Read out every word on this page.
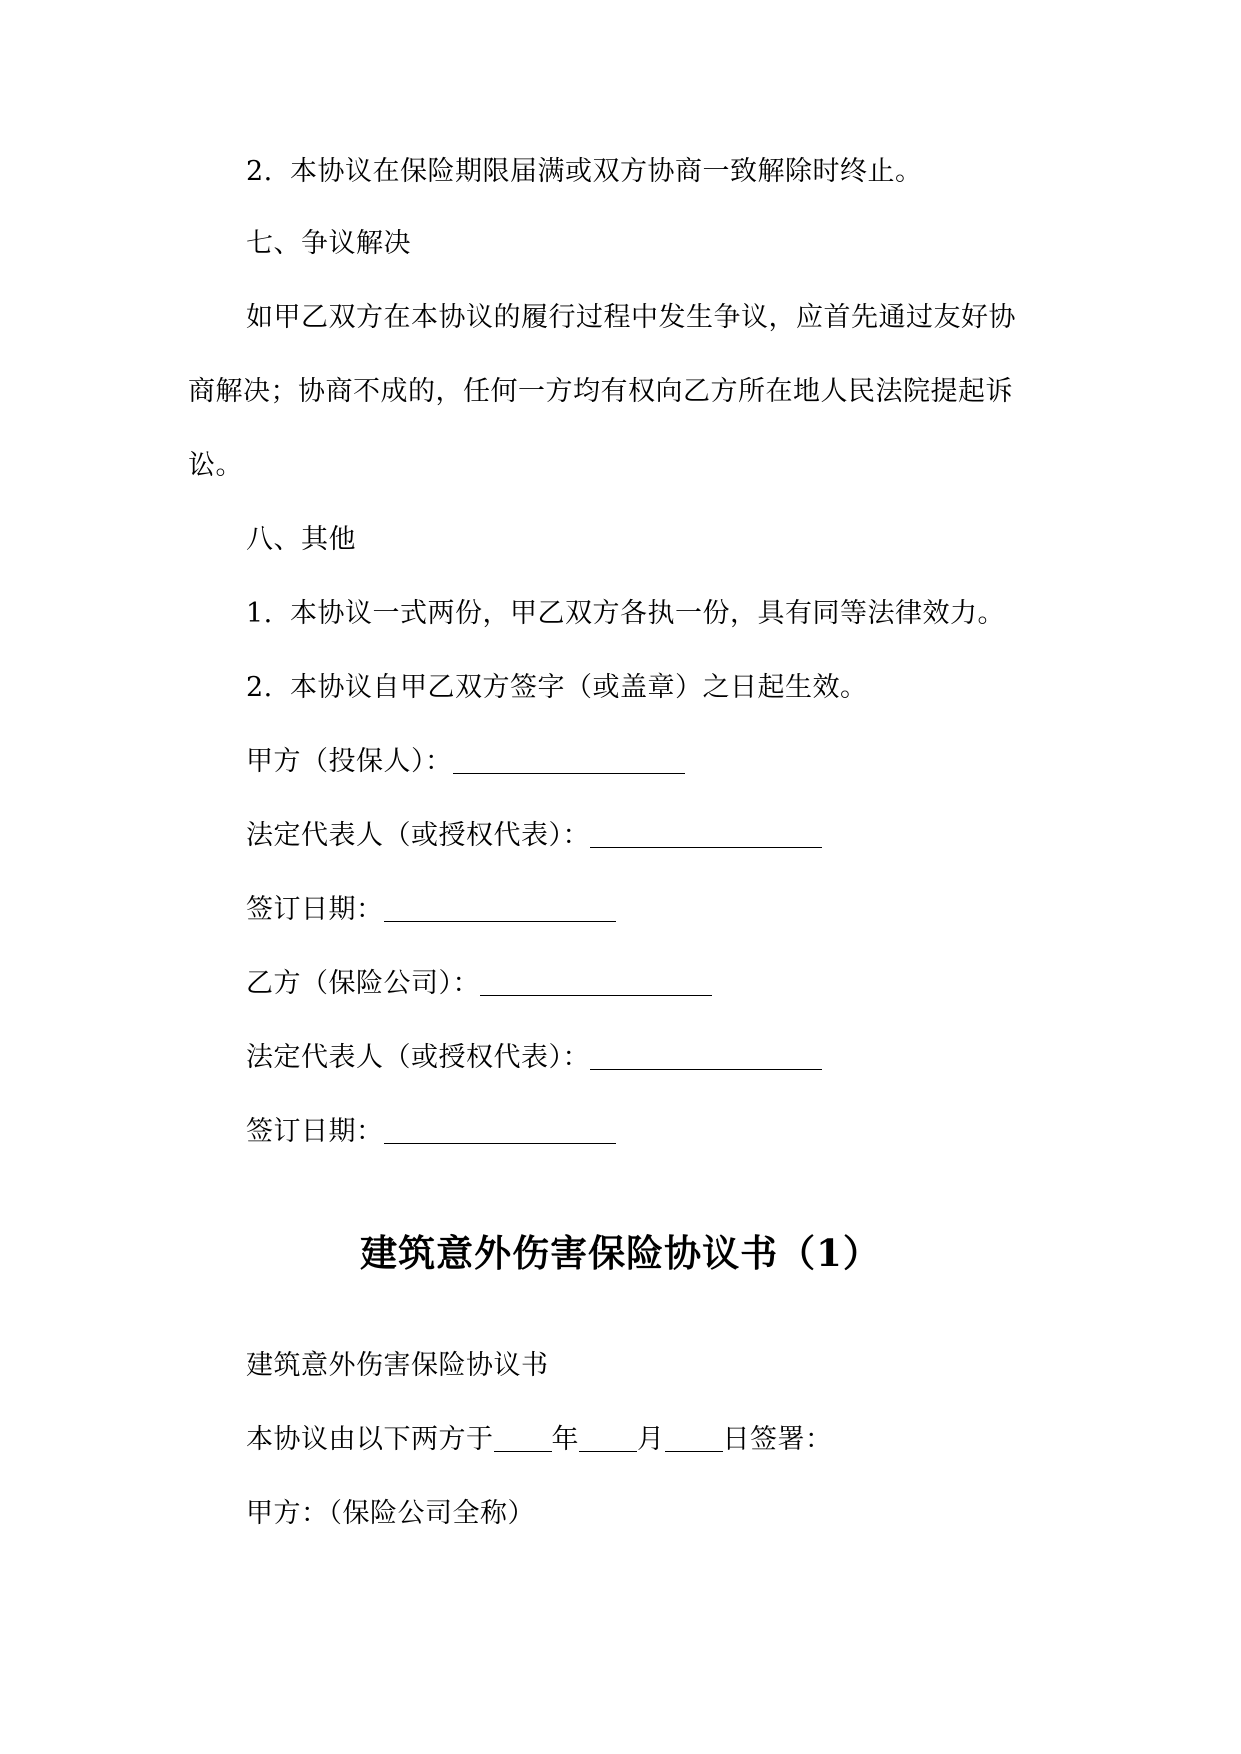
2. 本协议在保险期限届满或双方协商一致解除时终止。
七、争议解决
如甲乙双方在本协议的履行过程中发生争议，应首先通过友好协
商解决；协商不成的，任何一方均有权向乙方所在地人民法院提起诉
讼。
八、其他
1. 本协议一式两份，甲乙双方各执一份，具有同等法律效力。
2. 本协议自甲乙双方签字（或盖章）之日起生效。
甲方（投保人）：
法定代表人（或授权代表）：
签订日期：
乙方（保险公司）：
法定代表人（或授权代表）：
签订日期：
建筑意外伤害保险协议书（1）
建筑意外伤害保险协议书
本协议由以下两方于 年 月 日签署：
甲方：（保险公司全称）
